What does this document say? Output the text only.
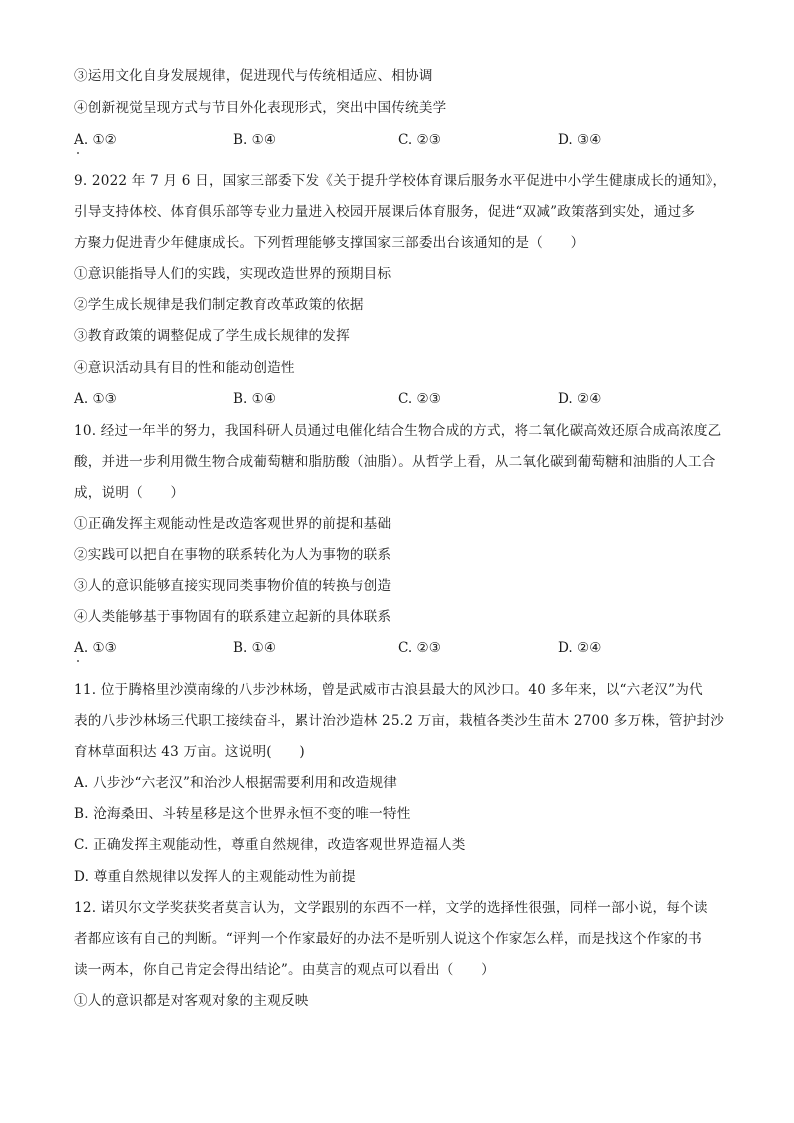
③运用文化自身发展规律，促进现代与传统相适应、相协调
④创新视觉呈现方式与节目外化表现形式，突出中国传统美学
A. ①②	B. ①④	C. ②③	D. ③④
9. 2022 年 7 月 6 日，国家三部委下发《关于提升学校体育课后服务水平促进中小学生健康成长的通知》，
引导支持体校、体育俱乐部等专业力量进入校园开展课后体育服务，促进“双减”政策落到实处，通过多
方聚力促进青少年健康成长。下列哲理能够支撑国家三部委出台该通知的是（　　）
①意识能指导人们的实践，实现改造世界的预期目标
②学生成长规律是我们制定教育改革政策的依据
③教育政策的调整促成了学生成长规律的发挥
④意识活动具有目的性和能动创造性
A. ①③	B. ①④	C. ②③	D. ②④
10. 经过一年半的努力，我国科研人员通过电催化结合生物合成的方式，将二氧化碳高效还原合成高浓度乙
酸，并进一步利用微生物合成葡萄糖和脂肪酸（油脂）。从哲学上看，从二氧化碳到葡萄糖和油脂的人工合
成，说明（　　）
①正确发挥主观能动性是改造客观世界的前提和基础
②实践可以把自在事物的联系转化为人为事物的联系
③人的意识能够直接实现同类事物价值的转换与创造
④人类能够基于事物固有的联系建立起新的具体联系
A. ①③	B. ①④	C. ②③	D. ②④
11. 位于腾格里沙漠南缘的八步沙林场，曾是武威市古浪县最大的风沙口。40 多年来，以“六老汉”为代
表的八步沙林场三代职工接续奋斗，累计治沙造林 25.2 万亩，栽植各类沙生苗木 2700 多万株，管护封沙
育林草面积达 43 万亩。这说明(　　)
A. 八步沙“六老汉”和治沙人根据需要利用和改造规律
B. 沧海桑田、斗转星移是这个世界永恒不变的唯一特性
C. 正确发挥主观能动性，尊重自然规律，改造客观世界造福人类
D. 尊重自然规律以发挥人的主观能动性为前提
12. 诺贝尔文学奖获奖者莫言认为，文学跟别的东西不一样，文学的选择性很强，同样一部小说，每个读
者都应该有自己的判断。“评判一个作家最好的办法不是听别人说这个作家怎么样，而是找这个作家的书
读一两本，你自己肯定会得出结论”。由莫言的观点可以看出（　　）
①人的意识都是对客观对象的主观反映
